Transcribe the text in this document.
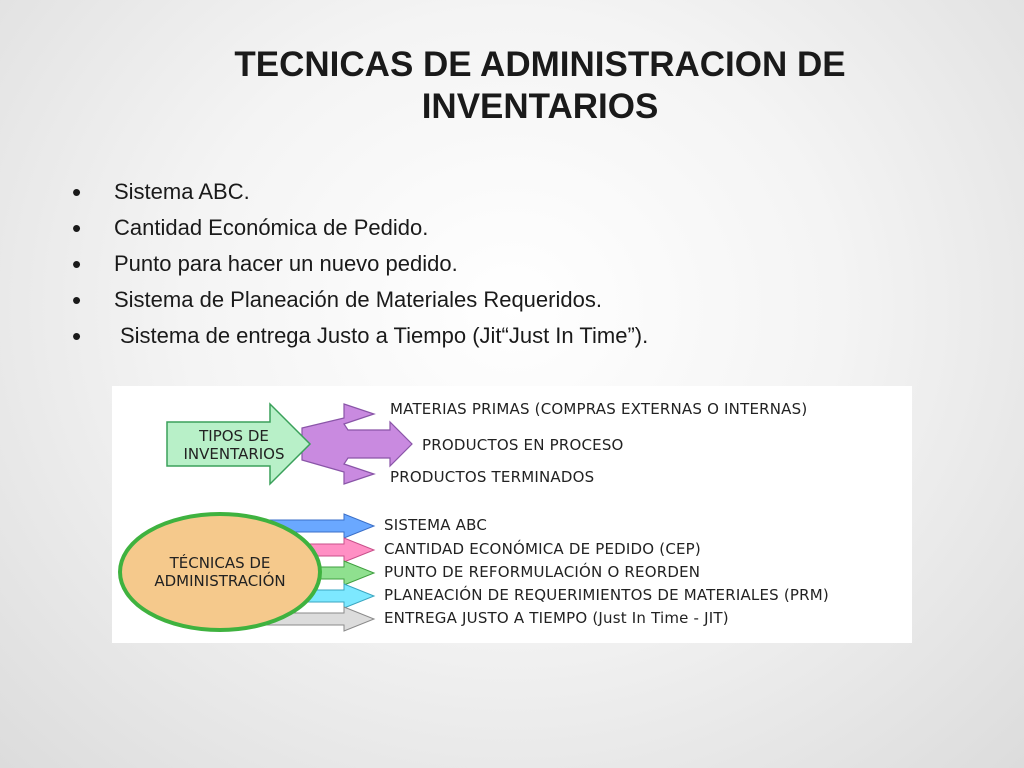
TECNICAS DE ADMINISTRACION DE
INVENTARIOS
• Sistema ABC.
• Cantidad Económica de Pedido.
• Punto para hacer un nuevo pedido.
• Sistema de Planeación de Materiales Requeridos.
• Sistema de entrega Justo a Tiempo (Jit“Just In Time”).
TIPOS DE
INVENTARIOS
MATERIAS PRIMAS (COMPRAS EXTERNAS O INTERNAS)
PRODUCTOS EN PROCESO
PRODUCTOS TERMINADOS
TÉCNICAS DE
ADMINISTRACIÓN
SISTEMA ABC
CANTIDAD ECONÓMICA DE PEDIDO (CEP)
PUNTO DE REFORMULACIÓN O REORDEN
PLANEACIÓN DE REQUERIMIENTOS DE MATERIALES (PRM)
ENTREGA JUSTO A TIEMPO (Just In Time - JIT)
